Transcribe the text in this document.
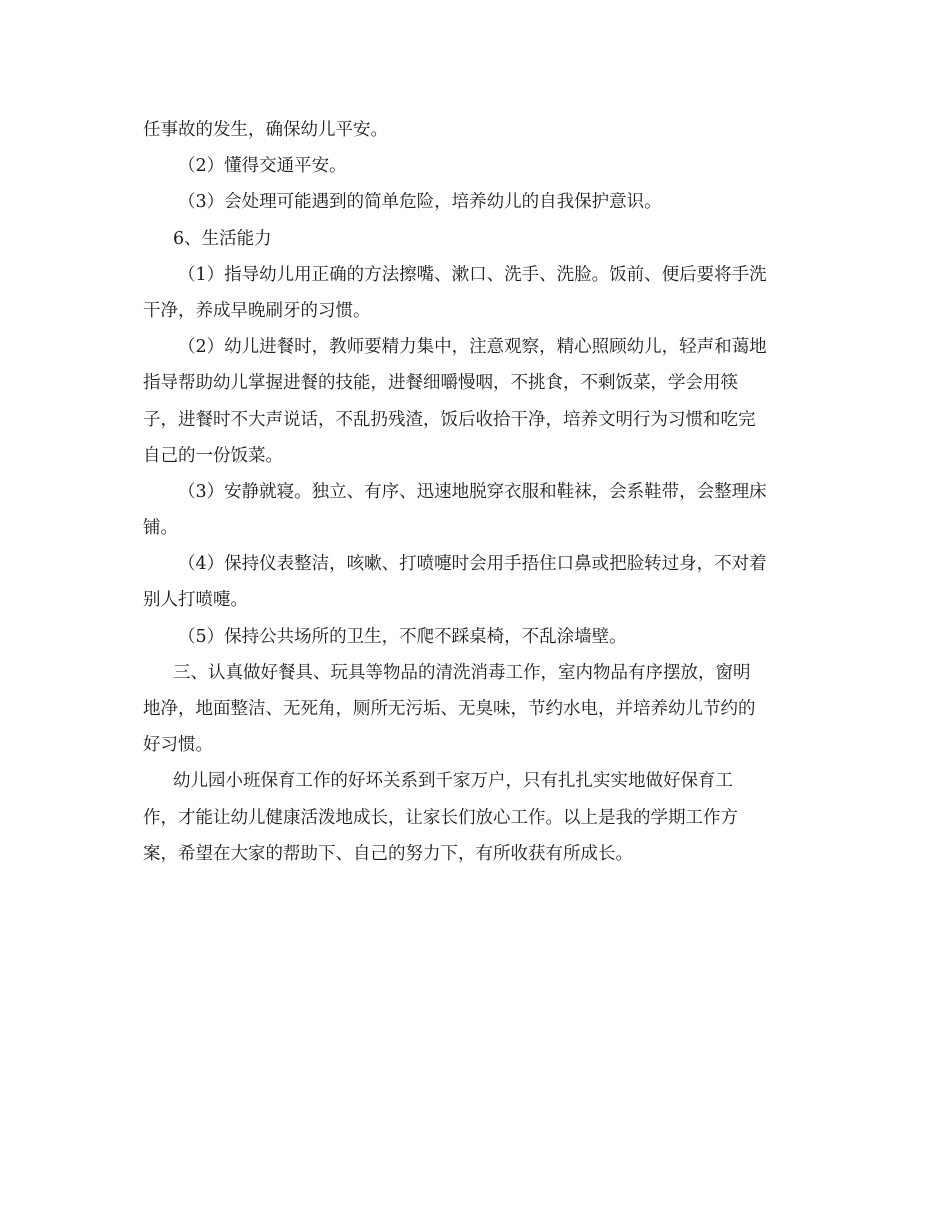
任事故的发生，确保幼儿平安。
（2）懂得交通平安。
（3）会处理可能遇到的简单危险，培养幼儿的自我保护意识。
6、生活能力
（1）指导幼儿用正确的方法擦嘴、漱口、洗手、洗脸。饭前、便后要将手洗
干净，养成早晚刷牙的习惯。
（2）幼儿进餐时，教师要精力集中，注意观察，精心照顾幼儿，轻声和蔼地
指导帮助幼儿掌握进餐的技能，进餐细嚼慢咽，不挑食，不剩饭菜，学会用筷
子，进餐时不大声说话，不乱扔残渣，饭后收拾干净，培养文明行为习惯和吃完
自己的一份饭菜。
（3）安静就寝。独立、有序、迅速地脱穿衣服和鞋袜，会系鞋带，会整理床
铺。
（4）保持仪表整洁，咳嗽、打喷嚏时会用手捂住口鼻或把脸转过身，不对着
别人打喷嚏。
（5）保持公共场所的卫生，不爬不踩桌椅，不乱涂墙壁。
三、认真做好餐具、玩具等物品的清洗消毒工作，室内物品有序摆放，窗明
地净，地面整洁、无死角，厕所无污垢、无臭味，节约水电，并培养幼儿节约的
好习惯。
幼儿园小班保育工作的好坏关系到千家万户，只有扎扎实实地做好保育工
作，才能让幼儿健康活泼地成长，让家长们放心工作。以上是我的学期工作方
案，希望在大家的帮助下、自己的努力下，有所收获有所成长。
